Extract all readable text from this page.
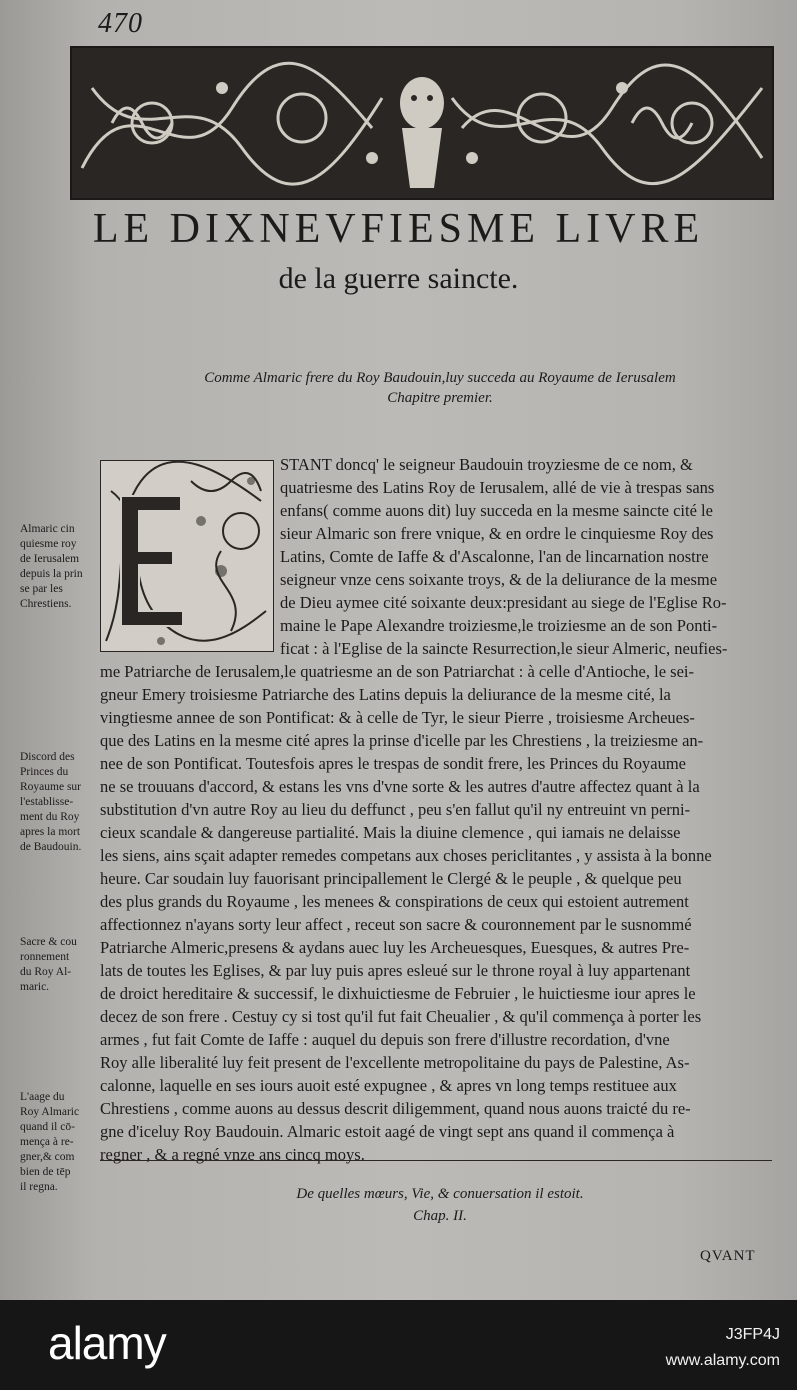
470
LE DIXNEVFIESME LIVRE
de la guerre saincte.
Comme Almaric frere du Roy Baudouin,luy succeda au Royaume de Ierusalem
Chapitre premier.
STANT doncq' le seigneur Baudouin troyziesme de ce nom, &
quatriesme des Latins Roy de Ierusalem, allé de vie à trespas sans
enfans( comme auons dit) luy succeda en la mesme saincte cité le
sieur Almaric son frere vnique, & en ordre le cinquiesme Roy des
Latins, Comte de Iaffe & d'Ascalonne, l'an de lincarnation nostre
seigneur vnze cens soixante troys, & de la deliurance de la mesme
de Dieu aymee cité soixante deux:presidant au siege de l'Eglise Ro-
maine le Pape Alexandre troiziesme,le troiziesme an de son Ponti-
ficat : à l'Eglise de la saincte Resurrection,le sieur Almeric, neufies-
me Patriarche de Ierusalem,le quatriesme an de son Patriarchat : à celle d'Antioche, le sei-
gneur Emery troisiesme Patriarche des Latins depuis la deliurance de la mesme cité, la
vingtiesme annee de son Pontificat: & à celle de Tyr, le sieur Pierre , troisiesme Archeues-
que des Latins en la mesme cité apres la prinse d'icelle par les Chrestiens , la treiziesme an-
nee de son Pontificat. Toutesfois apres le trespas de sondit frere, les Princes du Royaume
ne se trouuans d'accord, & estans les vns d'vne sorte & les autres d'autre affectez quant à la
substitution d'vn autre Roy au lieu du deffunct , peu s'en fallut qu'il ny entreuint vn perni-
cieux scandale & dangereuse partialité. Mais la diuine clemence , qui iamais ne delaisse
les siens, ains sçait adapter remedes competans aux choses periclitantes , y assista à la bonne
heure. Car soudain luy fauorisant principallement le Clergé & le peuple , & quelque peu
des plus grands du Royaume , les menees & conspirations de ceux qui estoient autrement
affectionnez n'ayans sorty leur affect , receut son sacre & couronnement par le susnommé
Patriarche Almeric,presens & aydans auec luy les Archeuesques, Euesques, & autres Pre-
lats de toutes les Eglises, & par luy puis apres esleué sur le throne royal à luy appartenant
de droict hereditaire & successif, le dixhuictiesme de Februier , le huictiesme iour apres le
decez de son frere . Cestuy cy si tost qu'il fut fait Cheualier , & qu'il commença à porter les
armes , fut fait Comte de Iaffe : auquel du depuis son frere d'illustre recordation, d'vne
Roy alle liberalité luy feit present de l'excellente metropolitaine du pays de Palestine, As-
calonne, laquelle en ses iours auoit esté expugnee , & apres vn long temps restituee aux
Chrestiens , comme auons au dessus descrit diligemment, quand nous auons traicté du re-
gne d'iceluy Roy Baudouin. Almaric estoit aagé de vingt sept ans quand il commença à
regner , & a regné vnze ans cincq moys.
Almaric cin
quiesme roy
de Ierusalem
depuis la prin
se par les
Chrestiens.
Discord des
Princes du
Royaume sur
l'establisse-
ment du Roy
apres la mort
de Baudouin.
Sacre & cou
ronnement
du Roy Al-
maric.
L'aage du
Roy Almaric
quand il cō-
mença à re-
gner,& com
bien de tēp
il regna.	De quelles mœurs, Vie, & conuersation il estoit.
Chap. II.
QVANT
alamy	J3FP4J
www.alamy.com
